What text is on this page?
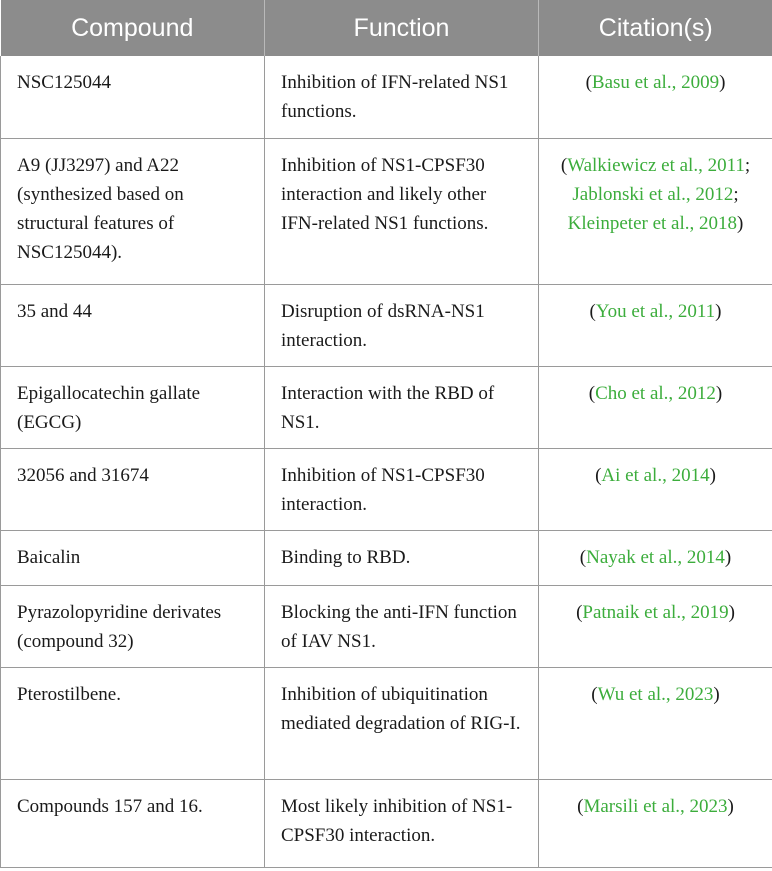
Compound	Function	Citation(s)
NSC125044	Inhibition of IFN-related NS1 functions.	(Basu et al., 2009)
A9 (JJ3297) and A22 (synthesized based on structural features of NSC125044).	Inhibition of NS1-CPSF30 interaction and likely other IFN-related NS1 functions.	(Walkiewicz et al., 2011; Jablonski et al., 2012; Kleinpeter et al., 2018)
35 and 44	Disruption of dsRNA-NS1 interaction.	(You et al., 2011)
Epigallocatechin gallate (EGCG)	Interaction with the RBD of NS1.	(Cho et al., 2012)
32056 and 31674	Inhibition of NS1-CPSF30 interaction.	(Ai et al., 2014)
Baicalin	Binding to RBD.	(Nayak et al., 2014)
Pyrazolopyridine derivates (compound 32)	Blocking the anti-IFN function of IAV NS1.	(Patnaik et al., 2019)
Pterostilbene.	Inhibition of ubiquitination mediated degradation of RIG-I.	(Wu et al., 2023)
Compounds 157 and 16.	Most likely inhibition of NS1-CPSF30 interaction.	(Marsili et al., 2023)
